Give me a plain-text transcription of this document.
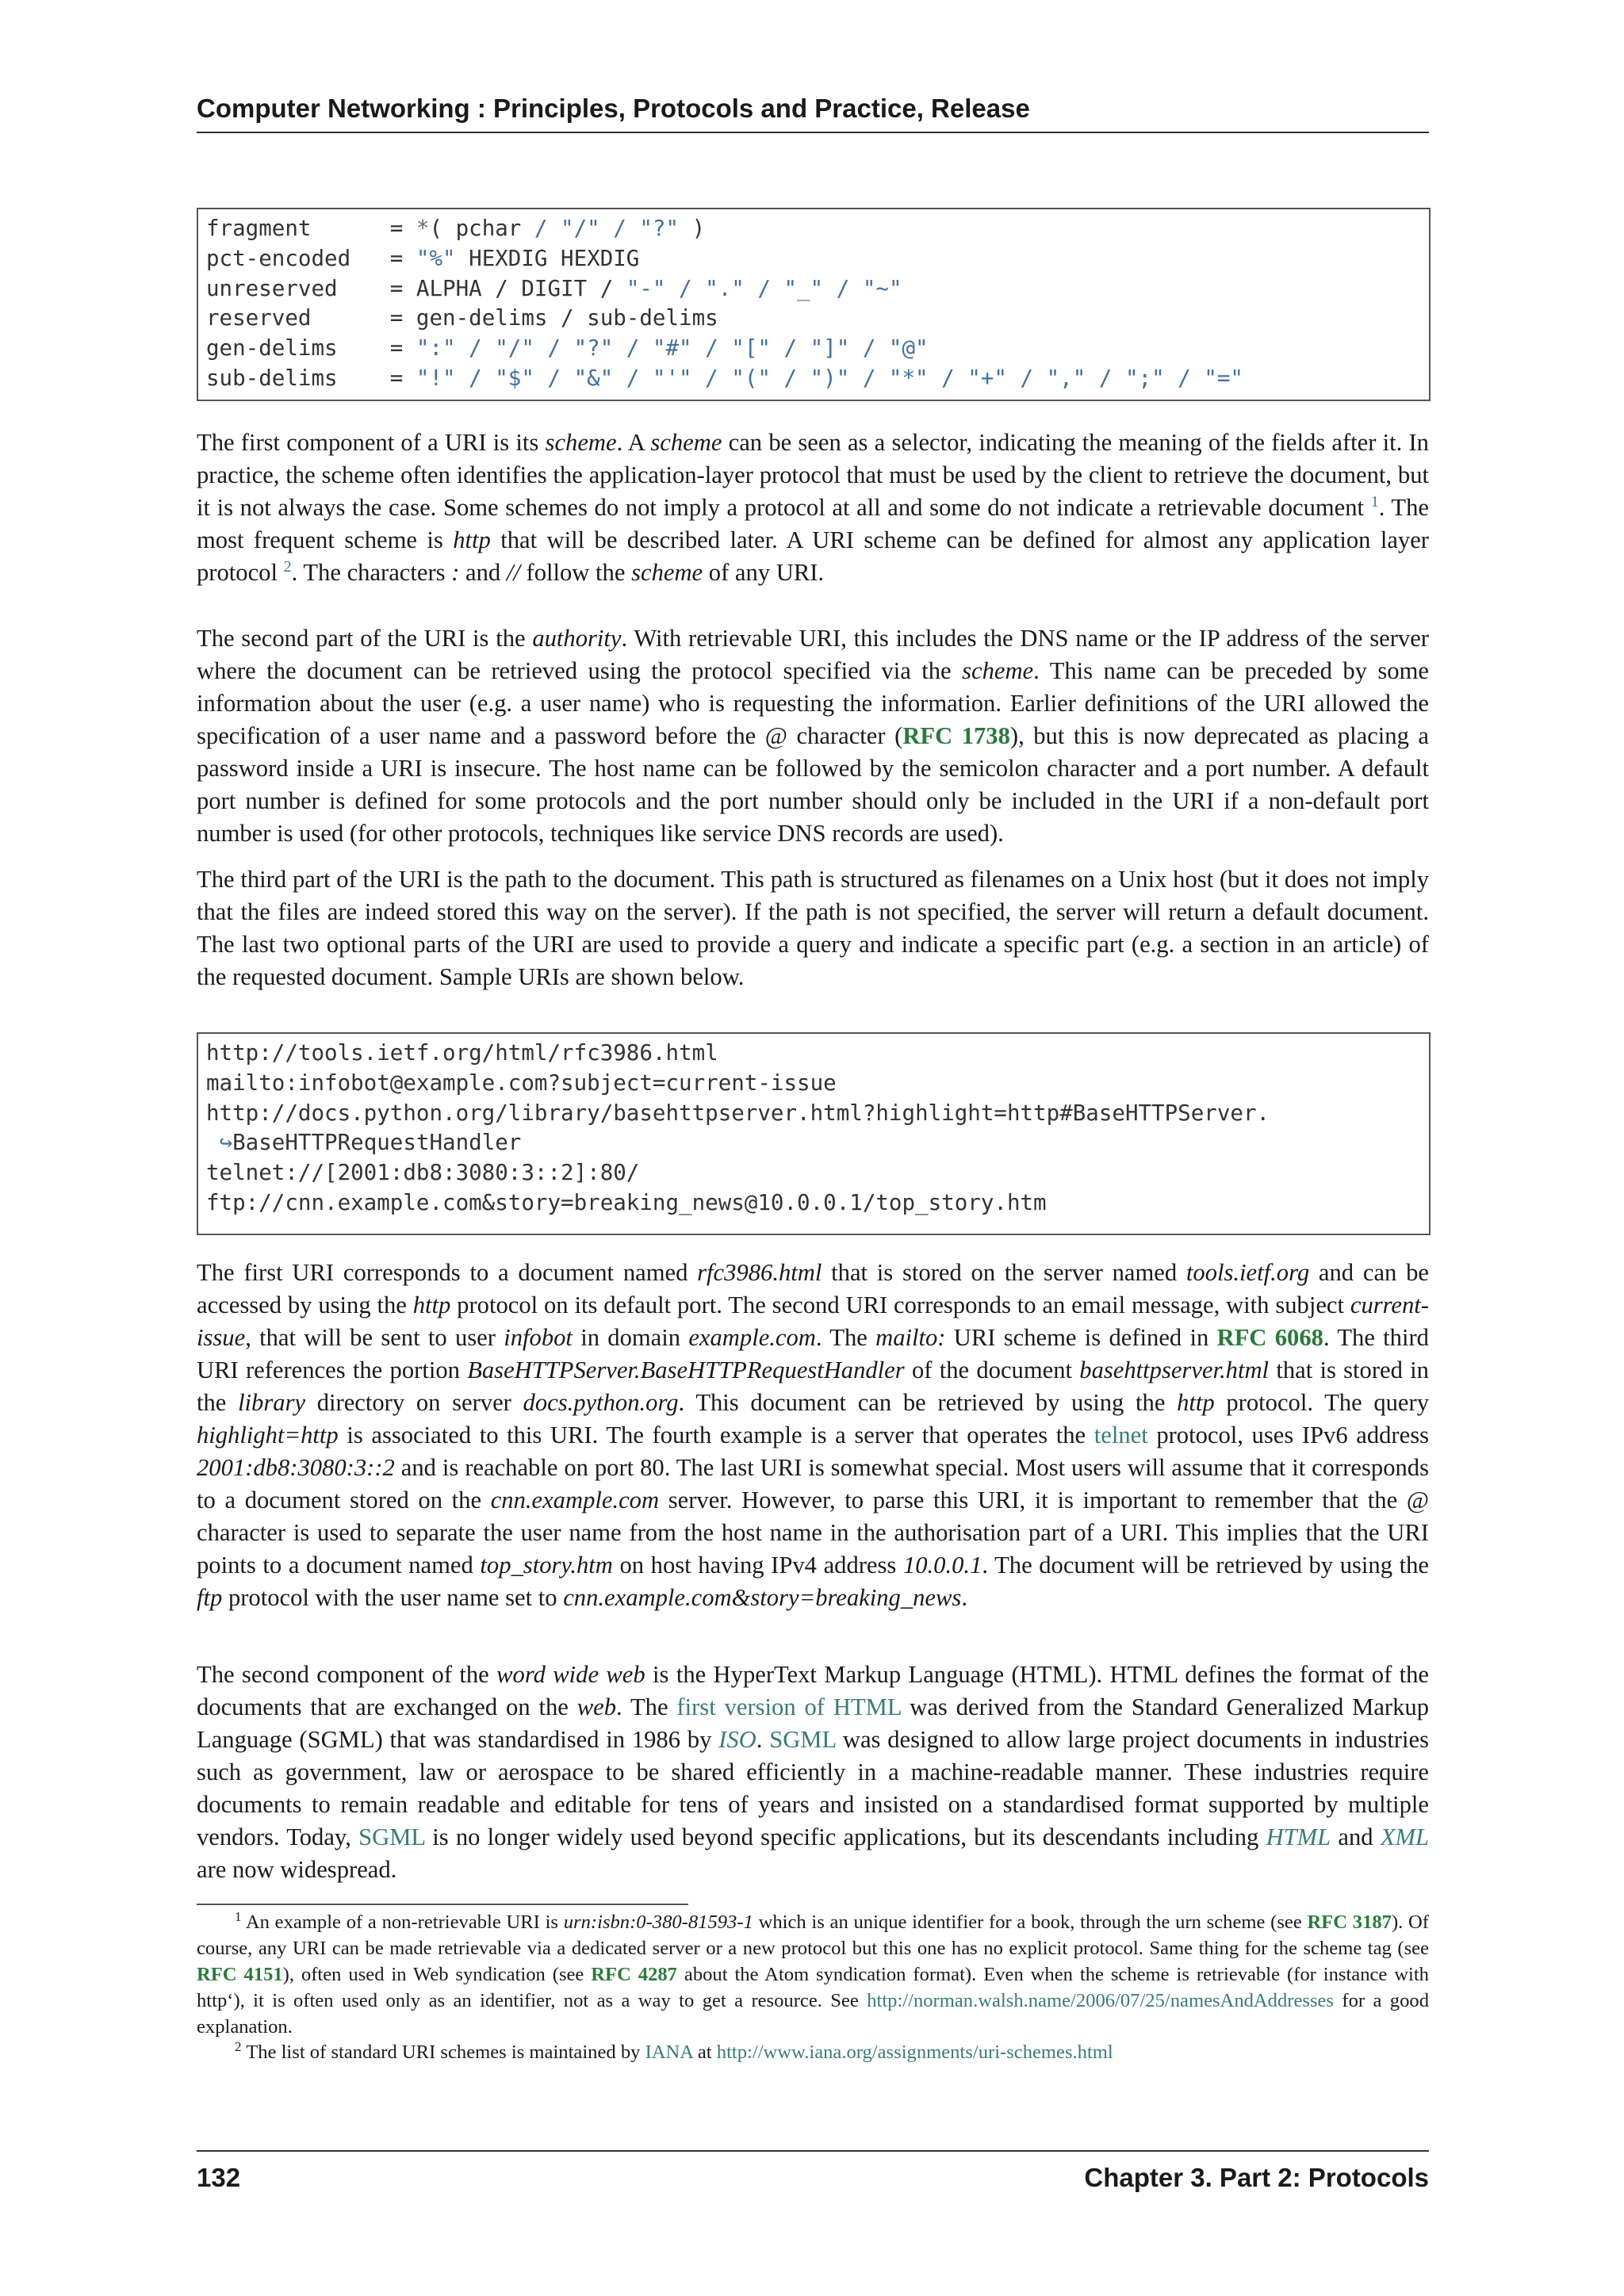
Computer Networking : Principles, Protocols and Practice, Release
fragment      = *( pchar / "/" / "?" )
pct-encoded   = "%" HEXDIG HEXDIG
unreserved    = ALPHA / DIGIT / "-" / "." / "_" / "~"
reserved      = gen-delims / sub-delims
gen-delims    = ":" / "/" / "?" / "#" / "[" / "]" / "@"
sub-delims    = "!" / "$" / "&" / "'" / "(" / ")" / "*" / "+" / "," / ";" / "="

The first component of a URI is its scheme. A scheme can be seen as a selector, indicating the meaning of the fields after it. In practice, the scheme often identifies the application-layer protocol that must be used by the client to retrieve the document, but it is not always the case. Some schemes do not imply a protocol at all and some do not indicate a retrievable document $^1$. The most frequent scheme is http that will be described later. A URI scheme can be defined for almost any application layer protocol $^2$. The characters : and // follow the scheme of any URI.

The second part of the URI is the authority. With retrievable URI, this includes the DNS name or the IP address of the server where the document can be retrieved using the protocol specified via the scheme. This name can be preceded by some information about the user (e.g. a user name) who is requesting the information. Earlier definitions of the URI allowed the specification of a user name and a password before the @ character (RFC 1738), but this is now deprecated as placing a password inside a URI is insecure. The host name can be followed by the semicolon character and a port number. A default port number is defined for some protocols and the port number should only be included in the URI if a non-default port number is used (for other protocols, techniques like service DNS records are used).

The third part of the URI is the path to the document. This path is structured as filenames on a Unix host (but it does not imply that the files are indeed stored this way on the server). If the path is not specified, the server will return a default document. The last two optional parts of the URI are used to provide a query and indicate a specific part (e.g. a section in an article) of the requested document. Sample URIs are shown below.

http://tools.ietf.org/html/rfc3986.html
mailto:infobot@example.com?subject=current-issue
http://docs.python.org/library/basehttpserver.html?highlight=http#BaseHTTPServer.
↪BaseHTTPRequestHandler
telnet://[2001:db8:3080:3::2]:80/
ftp://cnn.example.com&story=breaking_news@10.0.0.1/top_story.htm

The first URI corresponds to a document named rfc3986.html that is stored on the server named tools.ietf.org and can be accessed by using the http protocol on its default port. The second URI corresponds to an email message, with subject current-issue, that will be sent to user infobot in domain example.com. The mailto: URI scheme is defined in RFC 6068. The third URI references the portion BaseHTTPServer.BaseHTTPRequestHandler of the document basehttpserver.html that is stored in the library directory on server docs.python.org. This document can be retrieved by using the http protocol. The query highlight=http is associated to this URI. The fourth example is a server that operates the telnet protocol, uses IPv6 address 2001:db8:3080:3::2 and is reachable on port 80. The last URI is somewhat special. Most users will assume that it corresponds to a document stored on the cnn.example.com server. However, to parse this URI, it is important to remember that the @ character is used to separate the user name from the host name in the authorisation part of a URI. This implies that the URI points to a document named top_story.htm on host having IPv4 address 10.0.0.1. The document will be retrieved by using the ftp protocol with the user name set to cnn.example.com&story=breaking_news.

The second component of the word wide web is the HyperText Markup Language (HTML). HTML defines the format of the documents that are exchanged on the web. The first version of HTML was derived from the Standard Generalized Markup Language (SGML) that was standardised in 1986 by ISO. SGML was designed to allow large project documents in industries such as government, law or aerospace to be shared efficiently in a machine-readable manner. These industries require documents to remain readable and editable for tens of years and insisted on a standardised format supported by multiple vendors. Today, SGML is no longer widely used beyond specific applications, but its descendants including HTML and XML are now widespread.

$^1$ An example of a non-retrievable URI is urn:isbn:0-380-81593-1 which is an unique identifier for a book, through the urn scheme (see RFC 3187). Of course, any URI can be made retrievable via a dedicated server or a new protocol but this one has no explicit protocol. Same thing for the scheme tag (see RFC 4151), often used in Web syndication (see RFC 4287 about the Atom syndication format). Even when the scheme is retrievable (for instance with http‘), it is often used only as an identifier, not as a way to get a resource. See http://norman.walsh.name/2006/07/25/namesAndAddresses for a good explanation.

$^2$ The list of standard URI schemes is maintained by IANA at http://www.iana.org/assignments/uri-schemes.html

132	Chapter 3. Part 2: Protocols
